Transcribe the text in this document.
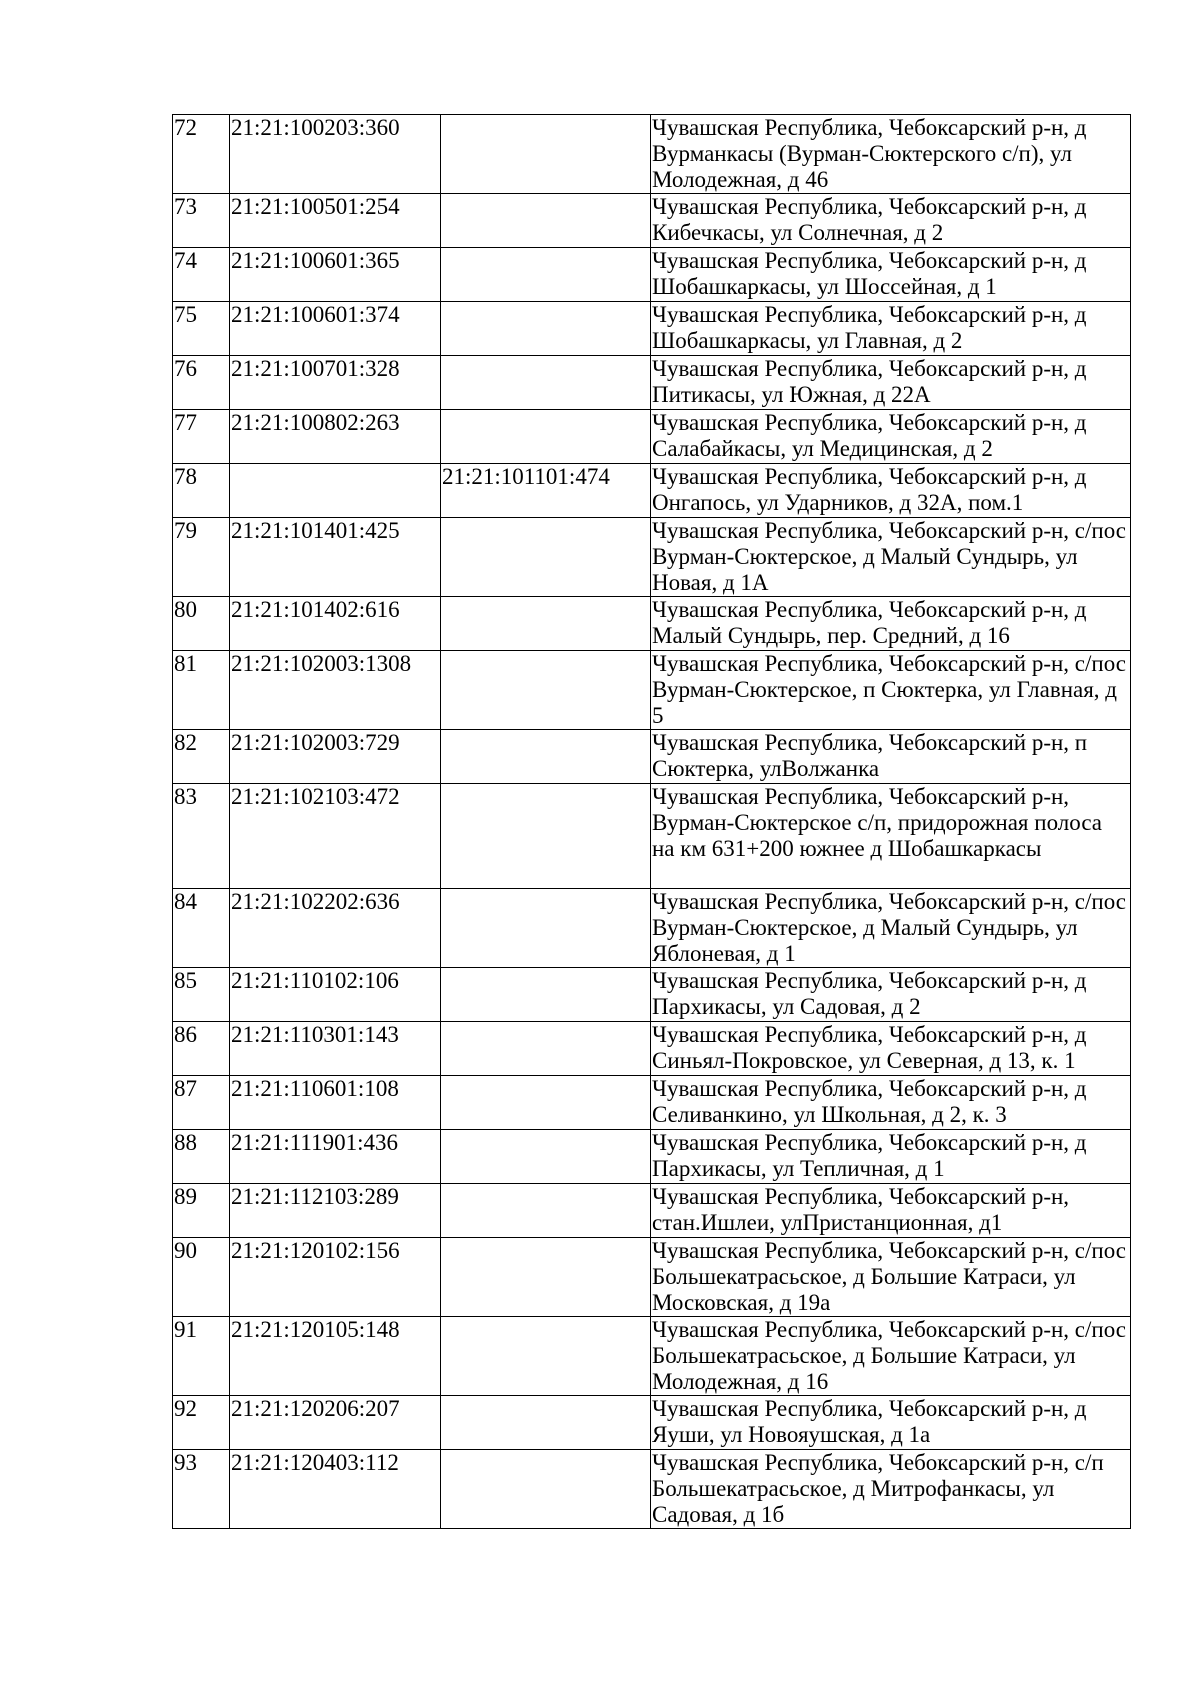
72	21:21:100203:360		Чувашская Республика, Чебоксарский р-н, д Вурманкасы (Вурман-Сюктерского с/п), ул Молодежная, д 46
73	21:21:100501:254		Чувашская Республика, Чебоксарский р-н, д Кибечкасы, ул Солнечная, д 2
74	21:21:100601:365		Чувашская Республика, Чебоксарский р-н, д Шобашкаркасы, ул Шоссейная, д 1
75	21:21:100601:374		Чувашская Республика, Чебоксарский р-н, д Шобашкаркасы, ул Главная, д 2
76	21:21:100701:328		Чувашская Республика, Чебоксарский р-н, д Питикасы, ул Южная, д 22А
77	21:21:100802:263		Чувашская Республика, Чебоксарский р-н, д Салабайкасы, ул Медицинская, д 2
78		21:21:101101:474	Чувашская Республика, Чебоксарский р-н, д Онгапось, ул Ударников, д 32А, пом.1
79	21:21:101401:425		Чувашская Республика, Чебоксарский р-н, с/пос Вурман-Сюктерское, д Малый Сундырь, ул Новая, д 1А
80	21:21:101402:616		Чувашская Республика, Чебоксарский р-н, д Малый Сундырь, пер. Средний, д 16
81	21:21:102003:1308		Чувашская Республика, Чебоксарский р-н, с/пос Вурман-Сюктерское, п Сюктерка, ул Главная, д 5
82	21:21:102003:729		Чувашская Республика, Чебоксарский р-н, п Сюктерка, улВолжанка
83	21:21:102103:472		Чувашская Республика, Чебоксарский р-н, Вурман-Сюктерское с/п, придорожная полоса на км 631+200 южнее д Шобашкаркасы
84	21:21:102202:636		Чувашская Республика, Чебоксарский р-н, с/пос Вурман-Сюктерское, д Малый Сундырь, ул Яблоневая, д 1
85	21:21:110102:106		Чувашская Республика, Чебоксарский р-н, д Пархикасы, ул Садовая, д 2
86	21:21:110301:143		Чувашская Республика, Чебоксарский р-н, д Синьял-Покровское, ул Северная, д 13, к. 1
87	21:21:110601:108		Чувашская Республика, Чебоксарский р-н, д Селиванкино, ул Школьная, д 2, к. 3
88	21:21:111901:436		Чувашская Республика, Чебоксарский р-н, д Пархикасы, ул Тепличная, д 1
89	21:21:112103:289		Чувашская Республика, Чебоксарский р-н, стан.Ишлеи, улПристанционная, д1
90	21:21:120102:156		Чувашская Республика, Чебоксарский р-н, с/пос Большекатрасьское, д Большие Катраси, ул Московская, д 19а
91	21:21:120105:148		Чувашская Республика, Чебоксарский р-н, с/пос Большекатрасьское, д Большие Катраси, ул Молодежная, д 16
92	21:21:120206:207		Чувашская Республика, Чебоксарский р-н, д Яуши, ул Новояушская, д 1а
93	21:21:120403:112		Чувашская Республика, Чебоксарский р-н, с/п Большекатрасьское, д Митрофанкасы, ул Садовая, д 1б
